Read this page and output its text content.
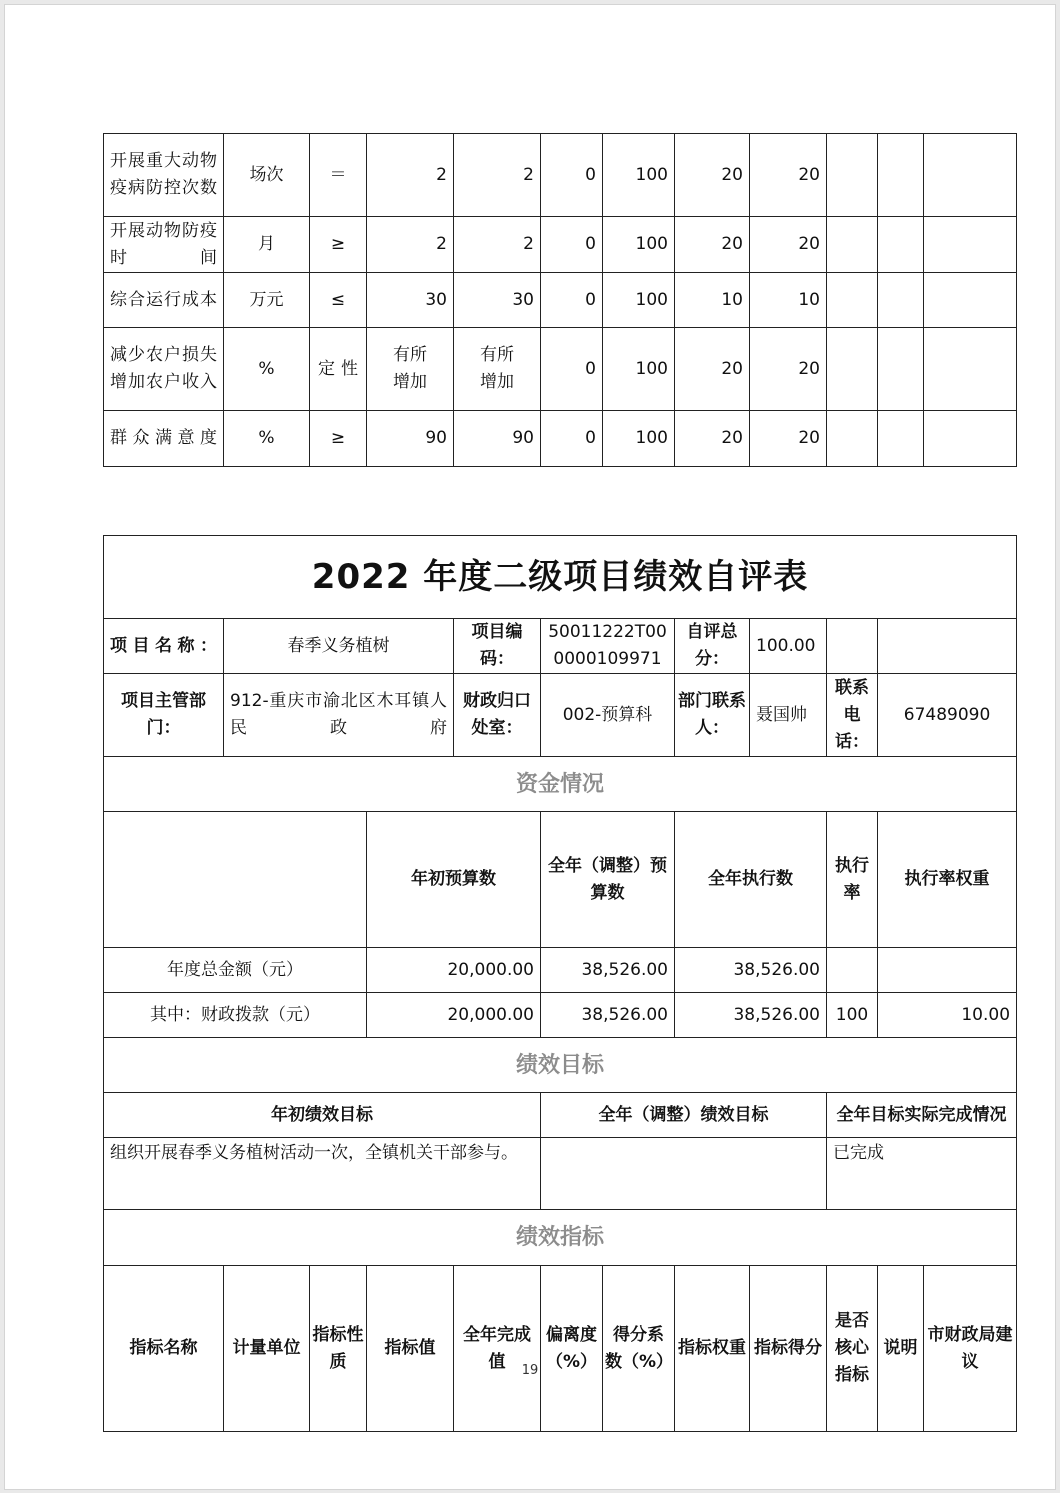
开展重大动物疫病防控次数	场次	＝	2	2	0	100	20	20			
开展动物防疫时间	月	≥	2	2	0	100	20	20			
综合运行成本	万元	≤	30	30	0	100	10	10			
减少农户损失增加农户收入	%	定性	有所增加	有所增加	0	100	20	20			
群众满意度	%	≥	90	90	0	100	20	20			
2022 年度二级项目绩效自评表												
项目名称：	春季义务植树			项目编码：	50011222T000000109971		自评总分：	100.00				
项目主管部门：	912-重庆市渝北区木耳镇人民政府			财政归口处室：	002-预算科		部门联系人：	聂国帅	联系电话：	67489090		
资金情况												
			年初预算数		全年（调整）预算数		全年执行数		执行率	执行率权重	
年度总金额（元）			20,000.00		38,526.00		38,526.00					
其中：财政拨款（元）			20,000.00		38,526.00		38,526.00		100	10.00	
绩效目标												
年初绩效目标					全年（调整）绩效目标				全年目标实际完成情况			
组织开展春季义务植树活动一次，全镇机关干部参与。									已完成			
绩效指标												
指标名称	计量单位	指标性质	指标值	全年完成值	偏离度（%）	得分系数（%）	指标权重	指标得分	是否核心指标	说明	市财政局建议	
19
